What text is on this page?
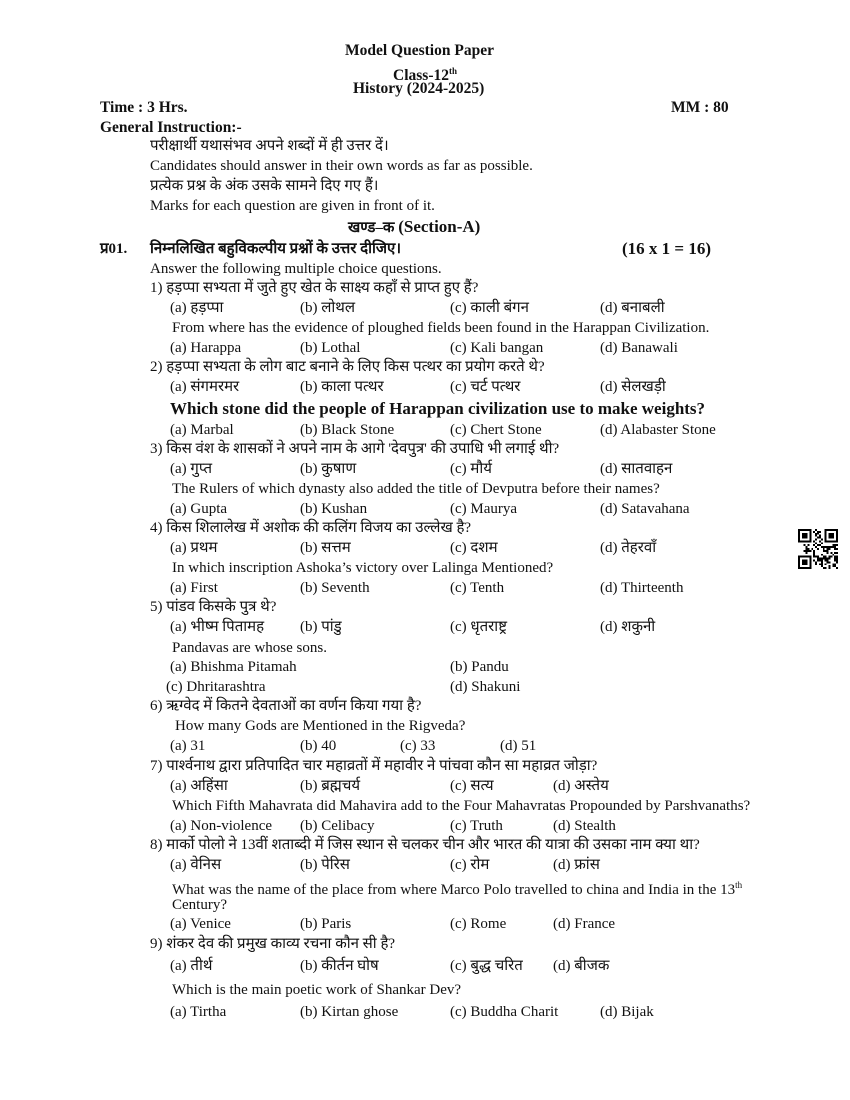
Model Question Paper
Class-12th
History (2024-2025)
Time : 3 Hrs.	MM : 80
General Instruction:-
परीक्षार्थी यथासंभव अपने शब्दों में ही उत्तर दें।
Candidates should answer in their own words as far as possible.
प्रत्येक प्रश्न के अंक उसके सामने दिए गए हैं।
Marks for each question are given in front of it.
खण्ड–क (Section-A)
प्र01. निम्नलिखित बहुविकल्पीय प्रश्नों के उत्तर दीजिए।	(16 x 1 = 16)
Answer the following multiple choice questions.
1) हड़प्पा सभ्यता में जुते हुए खेत के साक्ष्य कहाँ से प्राप्त हुए हैं?
(a) हड़प्पा	(b) लोथल	(c) काली बंगन	(d) बनाबली
From where has the evidence of ploughed fields been found in the Harappan Civilization.
(a) Harappa	(b) Lothal	(c) Kali bangan	(d) Banawali
2) हड़प्पा सभ्यता के लोग बाट बनाने के लिए किस पत्थर का प्रयोग करते थे?
(a) संगमरमर	(b) काला पत्थर	(c) चर्ट पत्थर	(d) सेलखड़ी
Which stone did the people of Harappan civilization use to make weights?
(a) Marbal	(b) Black Stone	(c) Chert Stone	(d) Alabaster Stone
3) किस वंश के शासकों ने अपने नाम के आगे 'देवपुत्र' की उपाधि भी लगाई थी?
(a) गुप्त	(b) कुषाण	(c) मौर्य	(d) सातवाहन
The Rulers of which dynasty also added the title of Devputra before their names?
(a) Gupta	(b) Kushan	(c) Maurya	(d) Satavahana
4) किस शिलालेख में अशोक की कलिंग विजय का उल्लेख है?
(a) प्रथम	(b) सत्तम	(c) दशम	(d) तेहरवाँ
In which inscription Ashoka’s victory over Lalinga Mentioned?
(a) First	(b) Seventh	(c) Tenth	(d) Thirteenth
5) पांडव किसके पुत्र थे?
(a) भीष्म पितामह (b) पांडु	(c) धृतराष्ट्र	(d) शकुनी
Pandavas are whose sons.
(a) Bhishma Pitamah	(b) Pandu
(c) Dhritarashtra	(d) Shakuni
6) ऋग्वेद में कितने देवताओं का वर्णन किया गया है?
How many Gods are Mentioned in the Rigveda?
(a) 31	(b) 40	(c) 33	(d) 51
7) पार्श्वनाथ द्वारा प्रतिपादित चार महाव्रतों में महावीर ने पांचवा कौन सा महाव्रत जोड़ा?
(a) अहिंसा	(b) ब्रह्मचर्य	(c) सत्य	(d) अस्तेय
Which Fifth Mahavrata did Mahavira add to the Four Mahavratas Propounded by Parshvanaths?
(a) Non-violence (b) Celibacy	(c) Truth	(d) Stealth
8) मार्को पोलो ने 13वीं शताब्दी में जिस स्थान से चलकर चीन और भारत की यात्रा की उसका नाम क्या था?
(a) वेनिस	(b) पेरिस	(c) रोम	(d) फ्रांस
What was the name of the place from where Marco Polo travelled to china and India in the 13th
Century?
(a) Venice	(b) Paris	(c) Rome	(d) France
9) शंकर देव की प्रमुख काव्य रचना कौन सी है?
(a) तीर्थ	(b) कीर्तन घोष	(c) बुद्ध चरित (d) बीजक
Which is the main poetic work of Shankar Dev?
(a) Tirtha	(b) Kirtan ghose	(c) Buddha Charit	(d) Bijak
